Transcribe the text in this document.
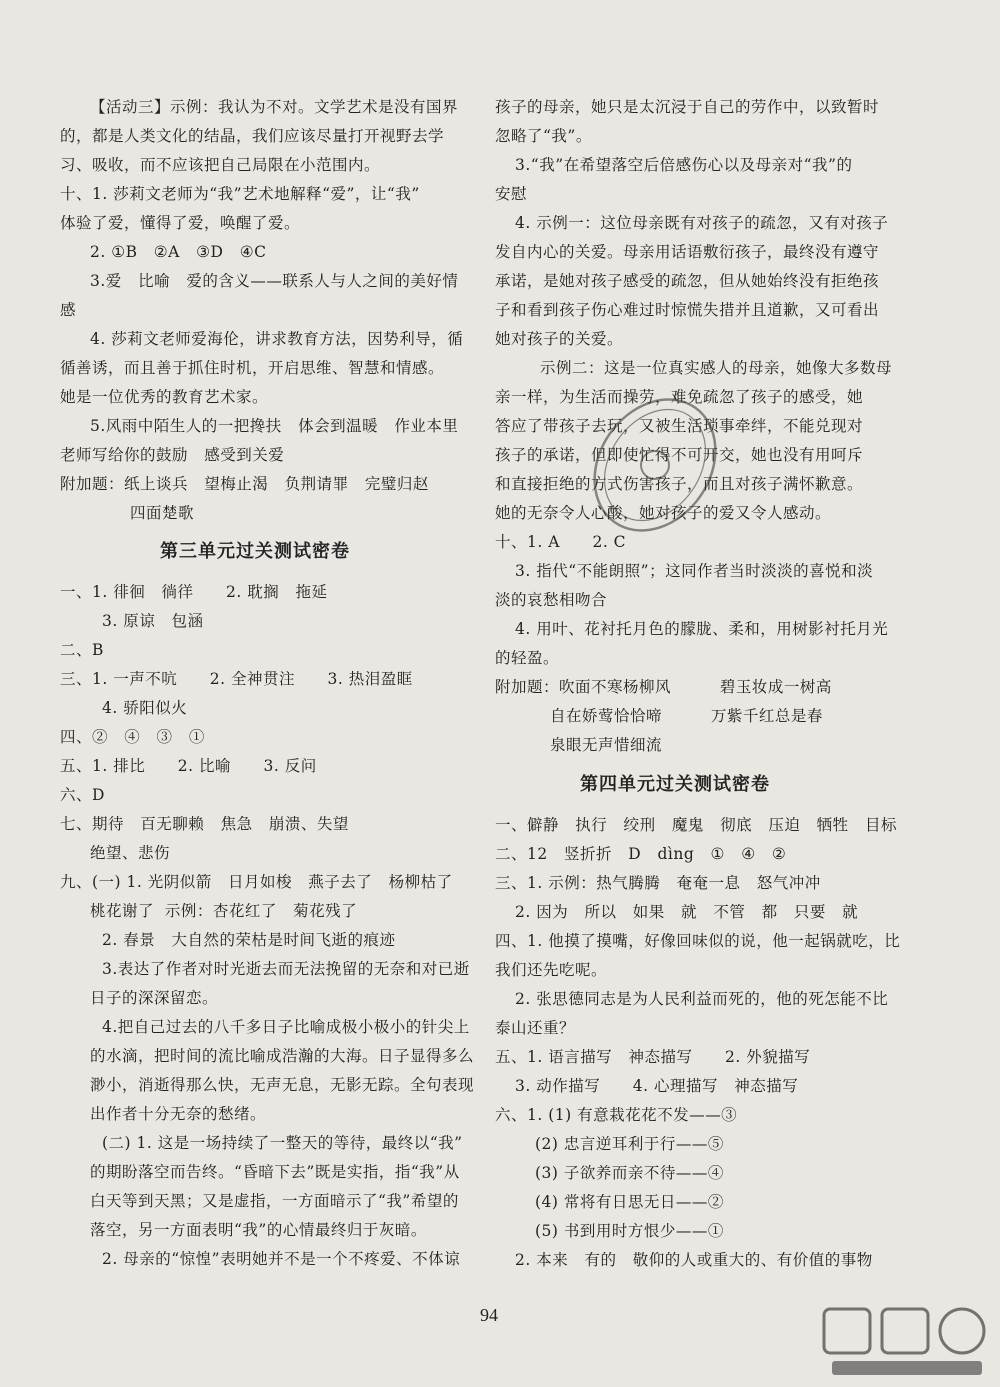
【活动三】示例：我认为不对。文学艺术是没有国界
的，都是人类文化的结晶，我们应该尽量打开视野去学
习、吸收，而不应该把自己局限在小范围内。
十、1. 莎莉文老师为“我”艺术地解释“爱”，让“我”
体验了爱，懂得了爱，唤醒了爱。
2. ①B   ②A   ③D   ④C
3.爱   比喻   爱的含义——联系人与人之间的美好情
感
4. 莎莉文老师爱海伦，讲求教育方法，因势利导，循
循善诱，而且善于抓住时机，开启思维、智慧和情感。
她是一位优秀的教育艺术家。
5.风雨中陌生人的一把搀扶   体会到温暖   作业本里
老师写给你的鼓励   感受到关爱
附加题：纸上谈兵   望梅止渴   负荆请罪   完璧归赵
四面楚歌
第三单元过关测试密卷
一、1. 徘徊   徜徉      2. 耽搁   拖延
3. 原谅   包涵
二、B
三、1. 一声不吭      2. 全神贯注      3. 热泪盈眶
4. 骄阳似火
四、②   ④   ③   ①
五、1. 排比      2. 比喻      3. 反问
六、D
七、期待   百无聊赖   焦急   崩溃、失望
绝望、悲伤
九、(一) 1. 光阴似箭   日月如梭   燕子去了   杨柳枯了
桃花谢了  示例：杏花红了   菊花残了
2. 春景   大自然的荣枯是时间飞逝的痕迹
3.表达了作者对时光逝去而无法挽留的无奈和对已逝
日子的深深留恋。
4.把自己过去的八千多日子比喻成极小极小的针尖上
的水滴，把时间的流比喻成浩瀚的大海。日子显得多么
渺小，消逝得那么快，无声无息，无影无踪。全句表现
出作者十分无奈的愁绪。
(二) 1. 这是一场持续了一整天的等待，最终以“我”
的期盼落空而告终。“昏暗下去”既是实指，指“我”从
白天等到天黑；又是虚指，一方面暗示了“我”希望的
落空，另一方面表明“我”的心情最终归于灰暗。
2. 母亲的“惊惶”表明她并不是一个不疼爱、不体谅
孩子的母亲，她只是太沉浸于自己的劳作中，以致暂时
忽略了“我”。
3.“我”在希望落空后倍感伤心以及母亲对“我”的
安慰
4. 示例一：这位母亲既有对孩子的疏忽，又有对孩子
发自内心的关爱。母亲用话语敷衍孩子，最终没有遵守
承诺，是她对孩子感受的疏忽，但从她始终没有拒绝孩
子和看到孩子伤心难过时惊慌失措并且道歉，又可看出
她对孩子的关爱。
示例二：这是一位真实感人的母亲，她像大多数母
亲一样，为生活而操劳，难免疏忽了孩子的感受，她
答应了带孩子去玩，又被生活琐事牵绊，不能兑现对
孩子的承诺，但即使忙得不可开交，她也没有用呵斥
和直接拒绝的方式伤害孩子，而且对孩子满怀歉意。
她的无奈令人心酸，她对孩子的爱又令人感动。
十、1. A      2. C
3. 指代“不能朗照”；这同作者当时淡淡的喜悦和淡
淡的哀愁相吻合
4. 用叶、花衬托月色的朦胧、柔和，用树影衬托月光
的轻盈。
附加题：吹面不寒杨柳风         碧玉妆成一树高
自在娇莺恰恰啼         万紫千红总是春
泉眼无声惜细流
第四单元过关测试密卷
一、僻静   执行   绞刑   魔鬼   彻底   压迫   牺牲   目标
二、12   竖折折   D   dìng   ①   ④   ②
三、1. 示例：热气腾腾   奄奄一息   怒气冲冲
2. 因为   所以   如果   就   不管   都   只要   就
四、1. 他摸了摸嘴，好像回味似的说，他一起锅就吃，比
我们还先吃呢。
2. 张思德同志是为人民利益而死的，他的死怎能不比
泰山还重？
五、1. 语言描写   神态描写      2. 外貌描写
3. 动作描写      4. 心理描写   神态描写
六、1. (1) 有意栽花花不发——③
(2) 忠言逆耳利于行——⑤
(3) 子欲养而亲不待——④
(4) 常将有日思无日——②
(5) 书到用时方恨少——①
2. 本来   有的   敬仰的人或重大的、有价值的事物
94
